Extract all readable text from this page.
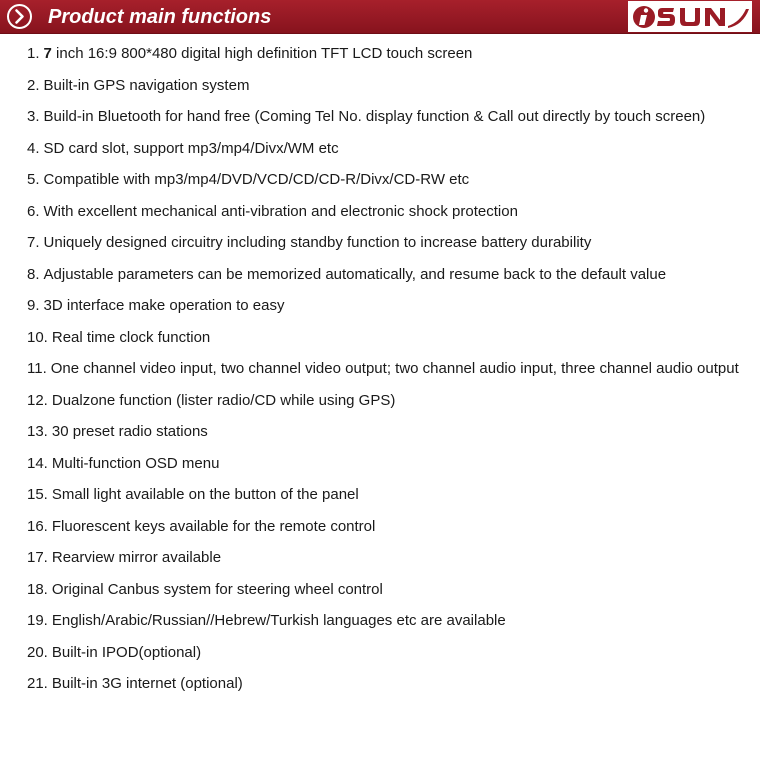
Product main functions
1. 7 inch 16:9 800*480 digital high definition TFT LCD touch screen
2. Built-in GPS navigation system
3. Build-in Bluetooth for hand free (Coming Tel No. display function & Call out directly by touch screen)
4. SD card slot, support mp3/mp4/Divx/WM etc
5. Compatible with mp3/mp4/DVD/VCD/CD/CD-R/Divx/CD-RW etc
6. With excellent mechanical anti-vibration and electronic shock protection
7. Uniquely designed circuitry including standby function to increase battery durability
8. Adjustable parameters can be memorized automatically, and resume back to the default value
9. 3D interface make operation to easy
10. Real time clock function
11. One channel video input, two channel video output; two channel audio input, three channel audio output
12. Dualzone function (lister radio/CD while using GPS)
13. 30 preset radio stations
14. Multi-function OSD menu
15. Small light available on the button of the panel
16. Fluorescent keys available for the remote control
17. Rearview mirror available
18. Original Canbus system for steering wheel control
19. English/Arabic/Russian//Hebrew/Turkish languages etc are available
20. Built-in IPOD(optional)
21. Built-in 3G internet (optional)
